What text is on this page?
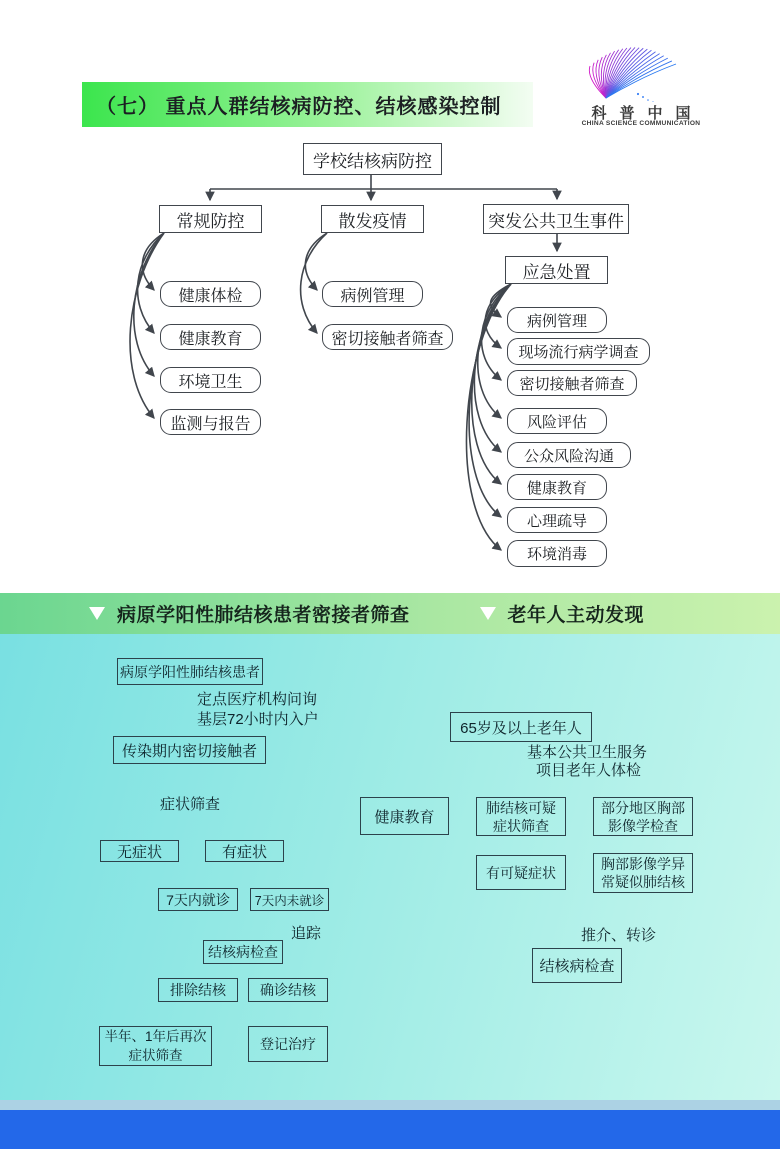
（七） 重点人群结核病防控、结核感染控制	科普中国
CHINA SCIENCE COMMUNICATION
学校结核病防控
常规防控	散发疫情	突发公共卫生事件
应急处置
健康体检
健康教育
环境卫生
监测与报告
病例管理
密切接触者筛查
病例管理
现场流行病学调查
密切接触者筛查
风险评估
公众风险沟通
健康教育
心理疏导
环境消毒
病原学阳性肺结核患者密接者筛查	老年人主动发现
病原学阳性肺结核患者
定点医疗机构问询
基层72小时内入户
传染期内密切接触者
症状筛查
无症状	有症状
7天内就诊	7天内未就诊
追踪
结核病检查
排除结核	确诊结核
半年、1年后再次
症状筛查
登记治疗
65岁及以上老年人
基本公共卫生服务
项目老年人体检
健康教育
肺结核可疑
症状筛查
部分地区胸部
影像学检查
有可疑症状
胸部影像学异
常疑似肺结核
推介、转诊
结核病检查
